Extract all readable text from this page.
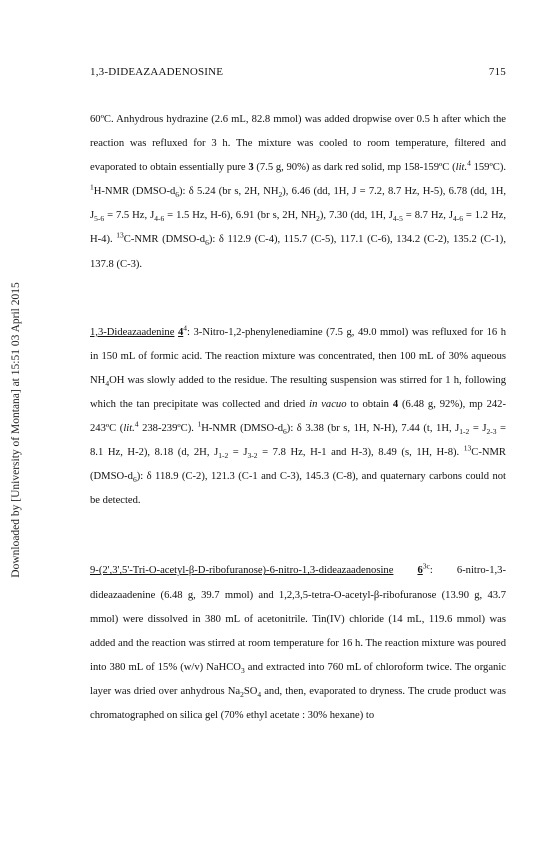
1,3-DIDEAZAADENOSINE	715
Downloaded by [University of Montana] at 15:51 03 April 2015

60ºC. Anhydrous hydrazine (2.6 mL, 82.8 mmol) was added dropwise over 0.5 h after which the reaction was refluxed for 3 h. The mixture was cooled to room temperature, filtered and evaporated to obtain essentially pure 3 (7.5 g, 90%) as dark red solid, mp 158-159ºC (lit.$^4$ 159ºC). $^1$H-NMR $(DMSO-d_6)$: δ 5.24 (br s, 2H, $NH_2$), 6.46 (dd, 1H, J = 7.2, 8.7 Hz, H-5), 6.78 (dd, 1H, $J_{5-6} = 7.5$ Hz, $J_{4-6} = 1.5$ Hz, H-6), 6.91 (br s, 2H, $NH_2$), 7.30 (dd, 1H, $J_{4-5} = 8.7$ Hz, $J_{4-6} = 1.2$ Hz, H-4). $^{13}$C-NMR $(DMSO-d_6)$: δ 112.9 (C-4), 115.7 (C-5), 117.1 (C-6), 134.2 (C-2), 135.2 (C-1), 137.8 (C-3).

1,3-Dideazaadenine $4^4$: 3-Nitro-1,2-phenylenediamine (7.5 g, 49.0 mmol) was refluxed for 16 h in 150 mL of formic acid. The reaction mixture was concentrated, then 100 mL of 30% aqueous $NH_4OH$ was slowly added to the residue. The resulting suspension was stirred for 1 h, following which the tan precipitate was collected and dried in vacuo to obtain 4 (6.48 g, 92%), mp 242-243ºC (lit.$^4$ 238-239ºC). $^1$H-NMR $(DMSO-d_6)$: δ 3.38 (br s, 1H, N-H), 7.44 (t, 1H, $J_{1-2} = J_{2-3} = 8.1$ Hz, H-2), 8.18 (d, 2H, $J_{1-2} = J_{3-2} = 7.8$ Hz, H-1 and H-3), 8.49 (s, 1H, H-8). $^{13}$C-NMR $(DMSO-d_6)$: δ 118.9 (C-2), 121.3 (C-1 and C-3), 145.3 (C-8), and quaternary carbons could not be detected.

9-(2',3',5'-Tri-O-acetyl-β-D-ribofuranose)-6-nitro-1,3-dideazaadenosine $6^{3c}$: 6-nitro-1,3-dideazaadenine (6.48 g, 39.7 mmol) and 1,2,3,5-tetra-O-acetyl-β-ribofuranose (13.90 g, 43.7 mmol) were dissolved in 380 mL of acetonitrile. Tin(IV) chloride (14 mL, 119.6 mmol) was added and the reaction was stirred at room temperature for 16 h. The reaction mixture was poured into 380 mL of 15% (w/v) NaHCO$_3$ and extracted into 760 mL of chloroform twice. The organic layer was dried over anhydrous $Na_2SO_4$ and, then, evaporated to dryness. The crude product was chromatographed on silica gel (70% ethyl acetate : 30% hexane) to
